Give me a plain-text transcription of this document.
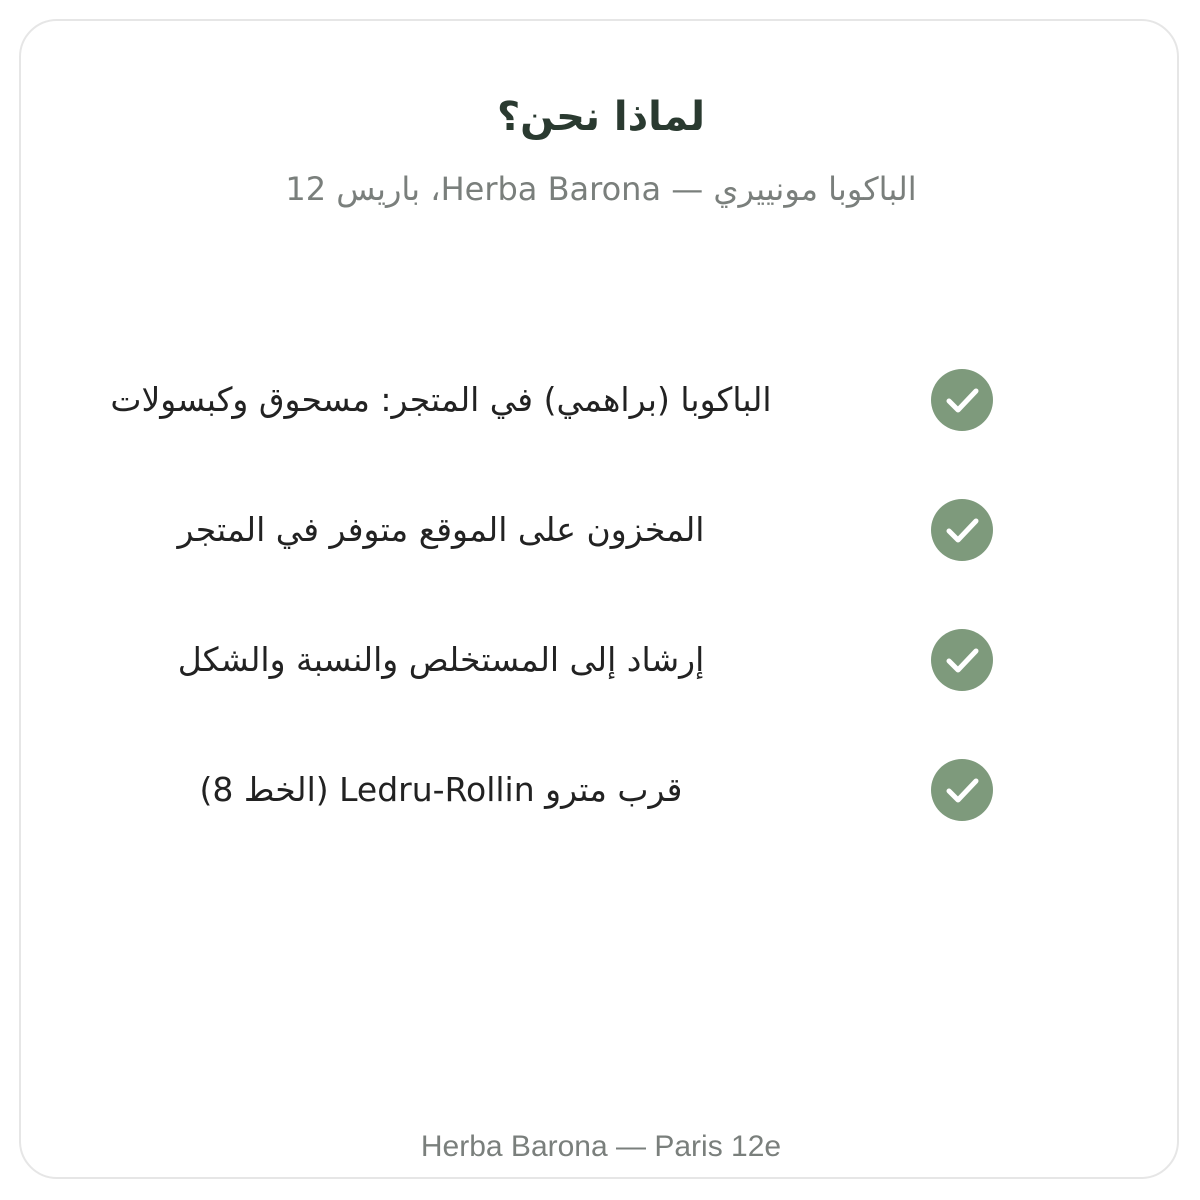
لماذا نحن؟
الباكوبا مونييري — Herba Barona، باريس 12
الباكوبا (براهمي) في المتجر: مسحوق وكبسولات
المخزون على الموقع متوفر في المتجر
إرشاد إلى المستخلص والنسبة والشكل
قرب مترو Ledru-Rollin (الخط 8)
Herba Barona — Paris 12e
